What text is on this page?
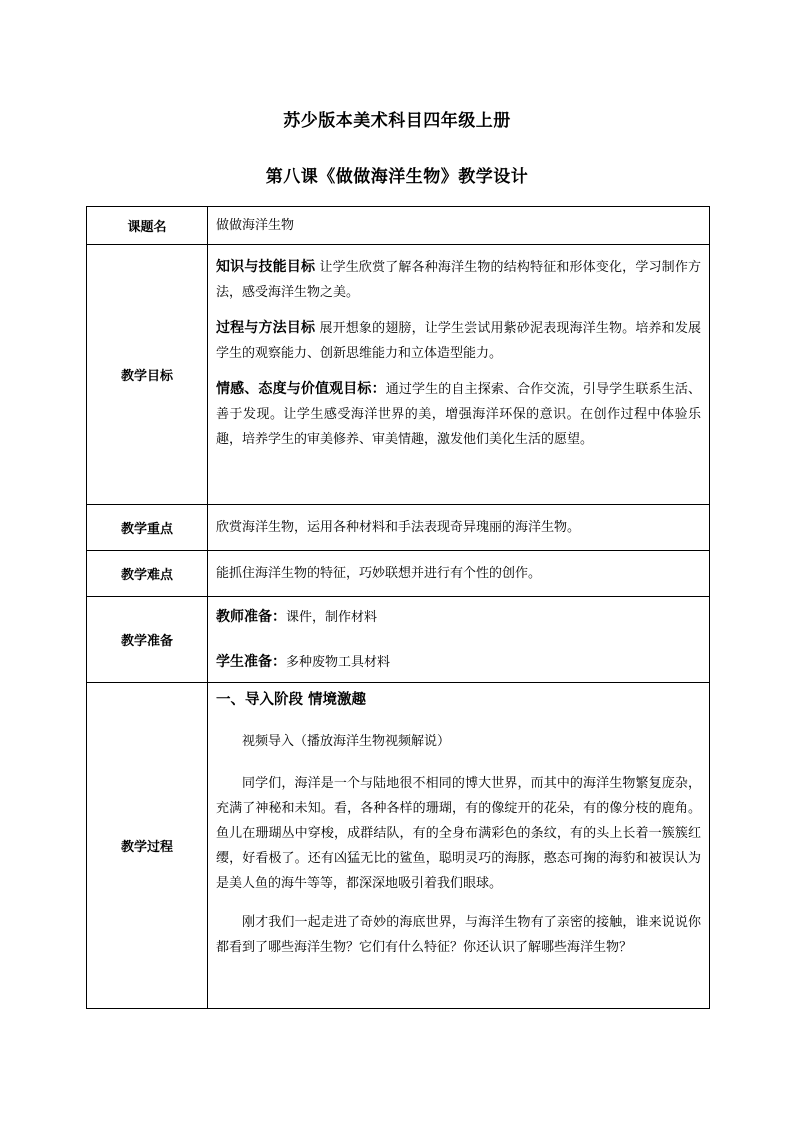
苏少版本美术科目四年级上册
第八课《做做海洋生物》教学设计
课题名	做做海洋生物

教学目标	知识与技能目标 让学生欣赏了解各种海洋生物的结构特征和形体变化，学习制作方法，感受海洋生物之美。

过程与方法目标 展开想象的翅膀，让学生尝试用紫砂泥表现海洋生物。培养和发展学生的观察能力、创新思维能力和立体造型能力。

情感、态度与价值观目标：通过学生的自主探索、合作交流，引导学生联系生活、善于发现。让学生感受海洋世界的美，增强海洋环保的意识。在创作过程中体验乐趣，培养学生的审美修养、审美情趣，激发他们美化生活的愿望。

教学重点	欣赏海洋生物，运用各种材料和手法表现奇异瑰丽的海洋生物。

教学难点	能抓住海洋生物的特征，巧妙联想并进行有个性的创作。

教学准备	教师准备：课件，制作材料

学生准备：多种废物工具材料

教学过程	一、导入阶段 情境激趣

视频导入（播放海洋生物视频解说）

同学们，海洋是一个与陆地很不相同的博大世界，而其中的海洋生物繁复庞杂，充满了神秘和未知。看，各种各样的珊瑚，有的像绽开的花朵，有的像分枝的鹿角。鱼儿在珊瑚丛中穿梭，成群结队，有的全身布满彩色的条纹，有的头上长着一簇簇红缨，好看极了。还有凶猛无比的鲨鱼，聪明灵巧的海豚，憨态可掬的海豹和被误认为是美人鱼的海牛等等，都深深地吸引着我们眼球。

刚才我们一起走进了奇妙的海底世界，与海洋生物有了亲密的接触，谁来说说你都看到了哪些海洋生物？它们有什么特征？你还认识了解哪些海洋生物？
